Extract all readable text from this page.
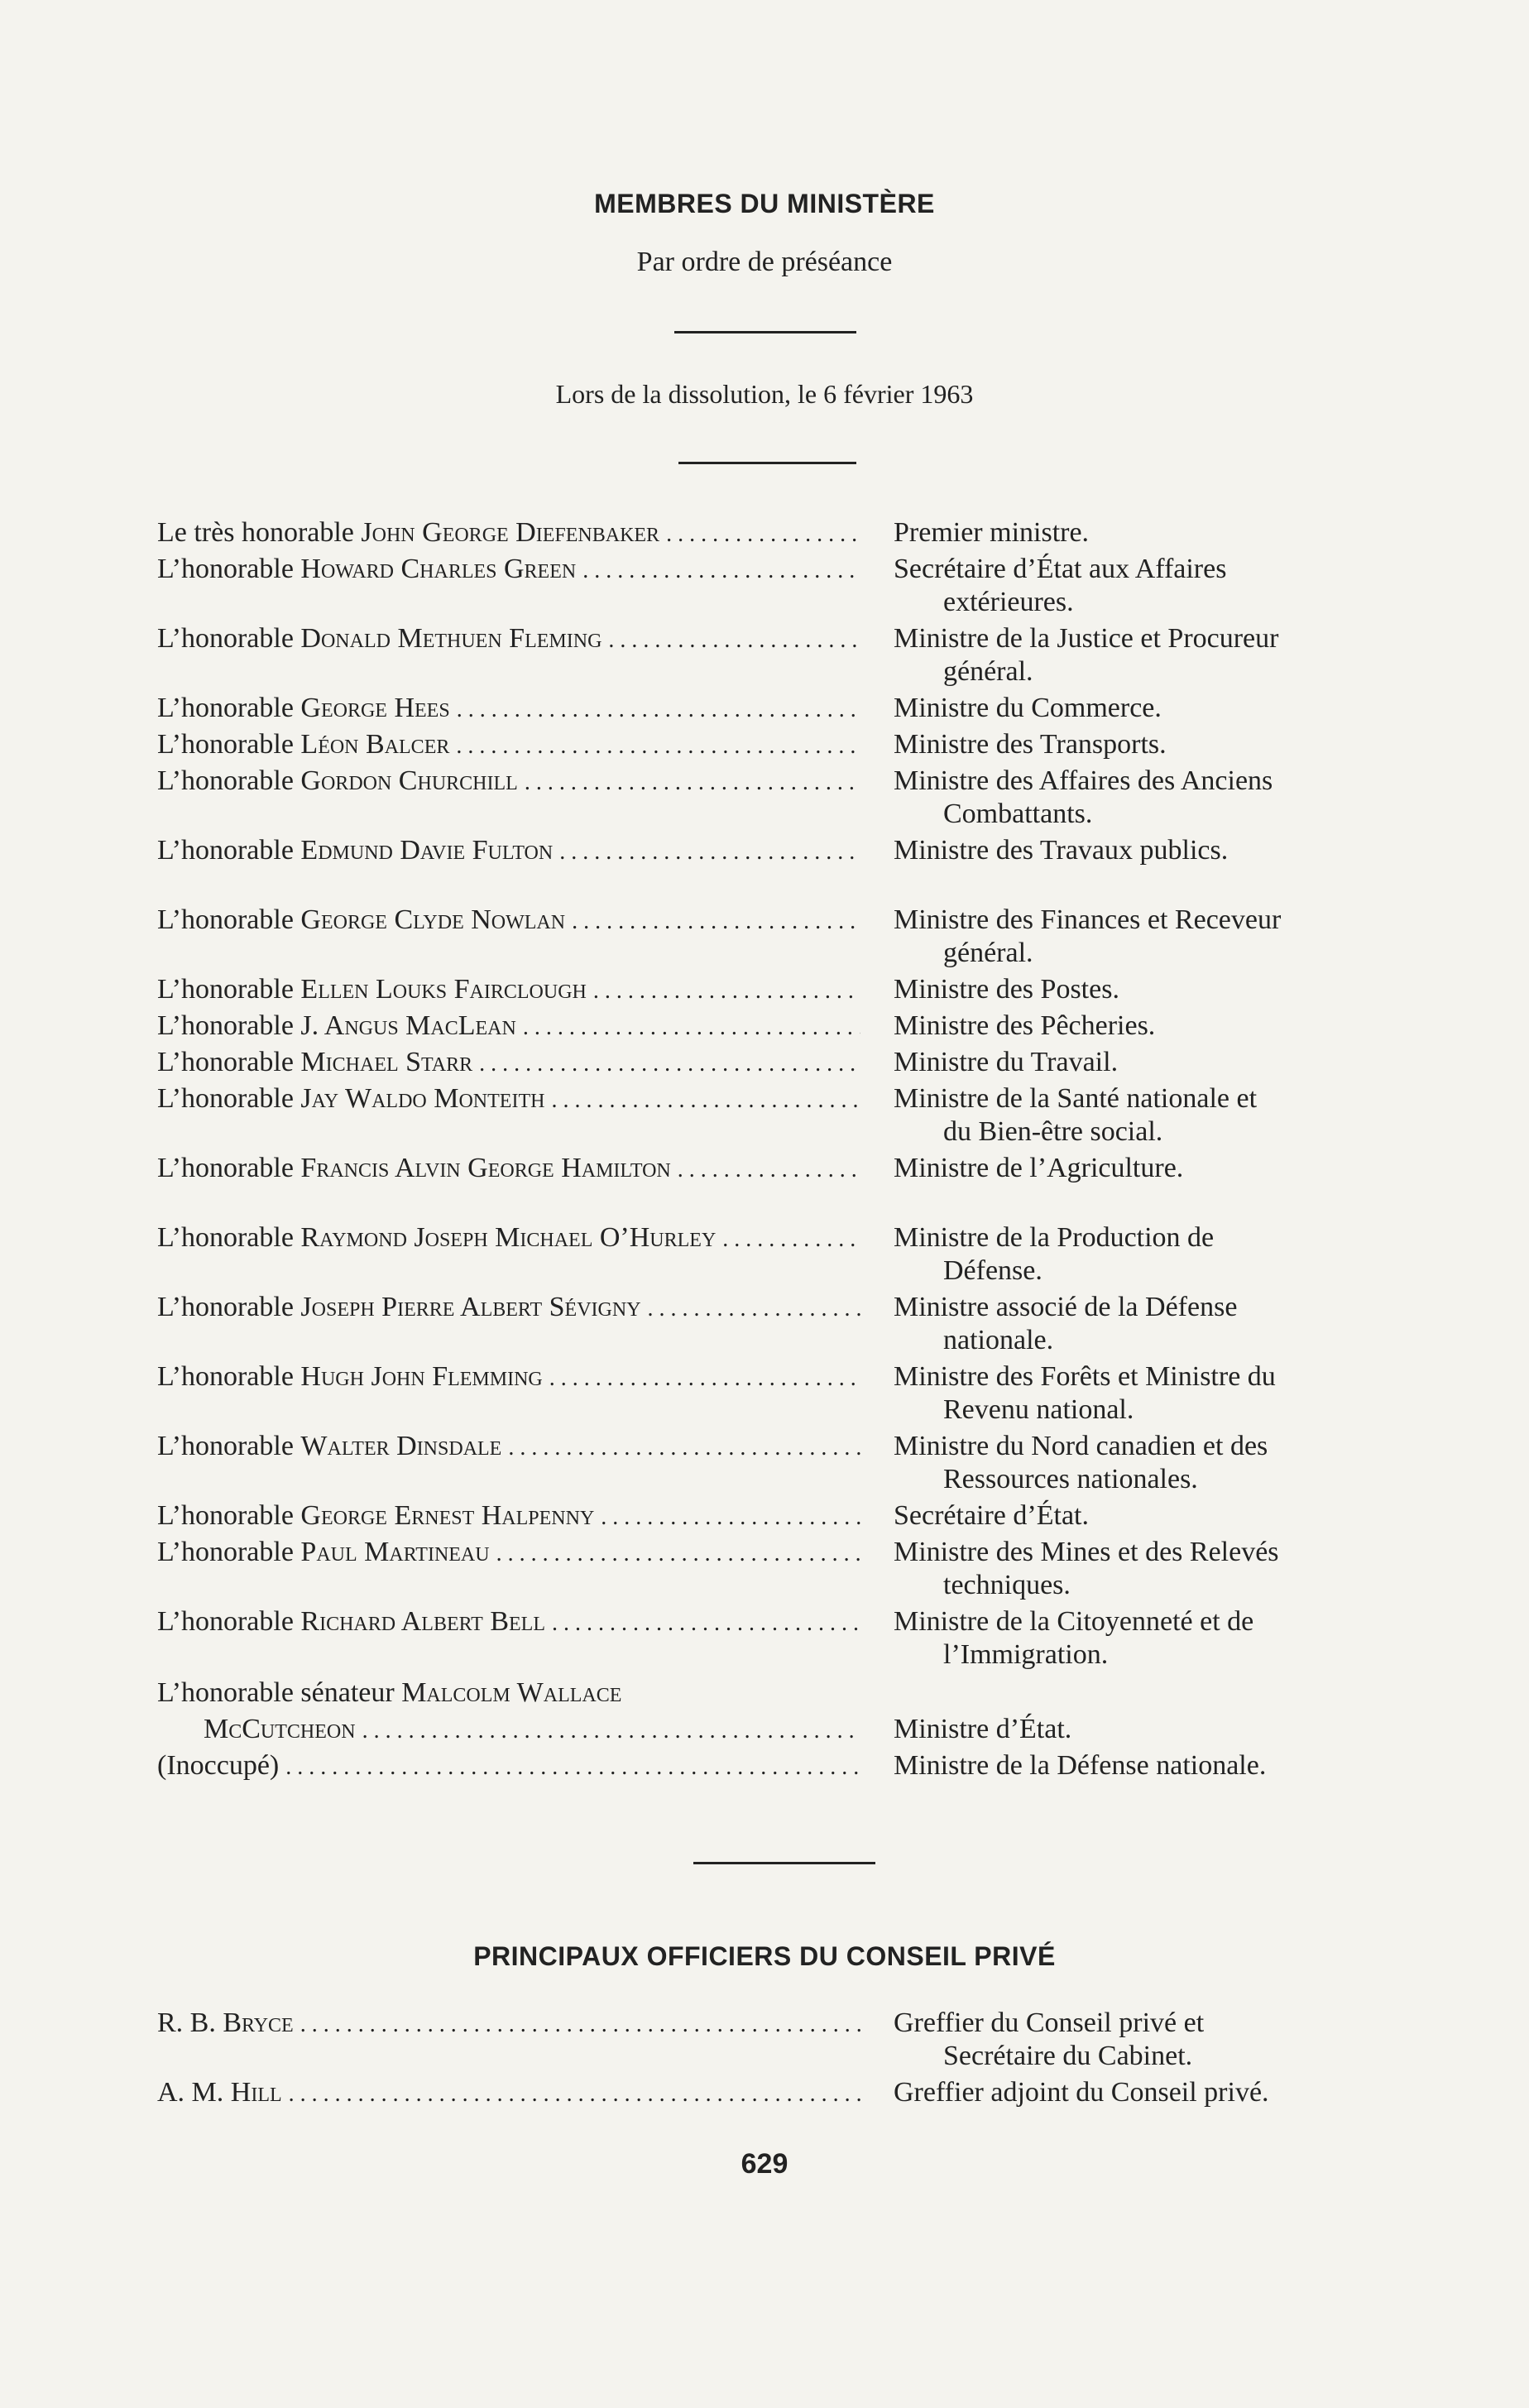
MEMBRES DU MINISTÈRE
Par ordre de préséance
Lors de la dissolution, le 6 février 1963
Le très honorable John George Diefenbaker . . .	Premier ministre.
L’honorable Howard Charles Green . . .	Secrétaire d’État aux Affaires
extérieures.
L’honorable Donald Methuen Fleming . . .	Ministre de la Justice et Procureur
général.
L’honorable George Hees . . .	Ministre du Commerce.
L’honorable Léon Balcer . . .	Ministre des Transports.
L’honorable Gordon Churchill . . .	Ministre des Affaires des Anciens
Combattants.
L’honorable Edmund Davie Fulton . . .	Ministre des Travaux publics.
L’honorable George Clyde Nowlan . . .	Ministre des Finances et Receveur
général.
L’honorable Ellen Louks Fairclough . . .	Ministre des Postes.
L’honorable J. Angus MacLean . . .	Ministre des Pêcheries.
L’honorable Michael Starr . . .	Ministre du Travail.
L’honorable Jay Waldo Monteith . . .	Ministre de la Santé nationale et
du Bien-être social.
L’honorable Francis Alvin George Hamilton . . .	Ministre de l’Agriculture.
L’honorable Raymond Joseph Michael O’Hurley . . .	Ministre de la Production de
Défense.
L’honorable Joseph Pierre Albert Sévigny . . .	Ministre associé de la Défense
nationale.
L’honorable Hugh John Flemming . . .	Ministre des Forêts et Ministre du
Revenu national.
L’honorable Walter Dinsdale . . .	Ministre du Nord canadien et des
Ressources nationales.
L’honorable George Ernest Halpenny . . .	Secrétaire d’État.
L’honorable Paul Martineau . . .	Ministre des Mines et des Relevés
techniques.
L’honorable Richard Albert Bell . . .	Ministre de la Citoyenneté et de
l’Immigration.
L’honorable sénateur Malcolm Wallace
McCutcheon . . .	Ministre d’État.
(Inoccupé) . . .	Ministre de la Défense nationale.
PRINCIPAUX OFFICIERS DU CONSEIL PRIVÉ
R. B. Bryce . . .	Greffier du Conseil privé et
Secrétaire du Cabinet.
A. M. Hill . . .	Greffier adjoint du Conseil privé.
629
